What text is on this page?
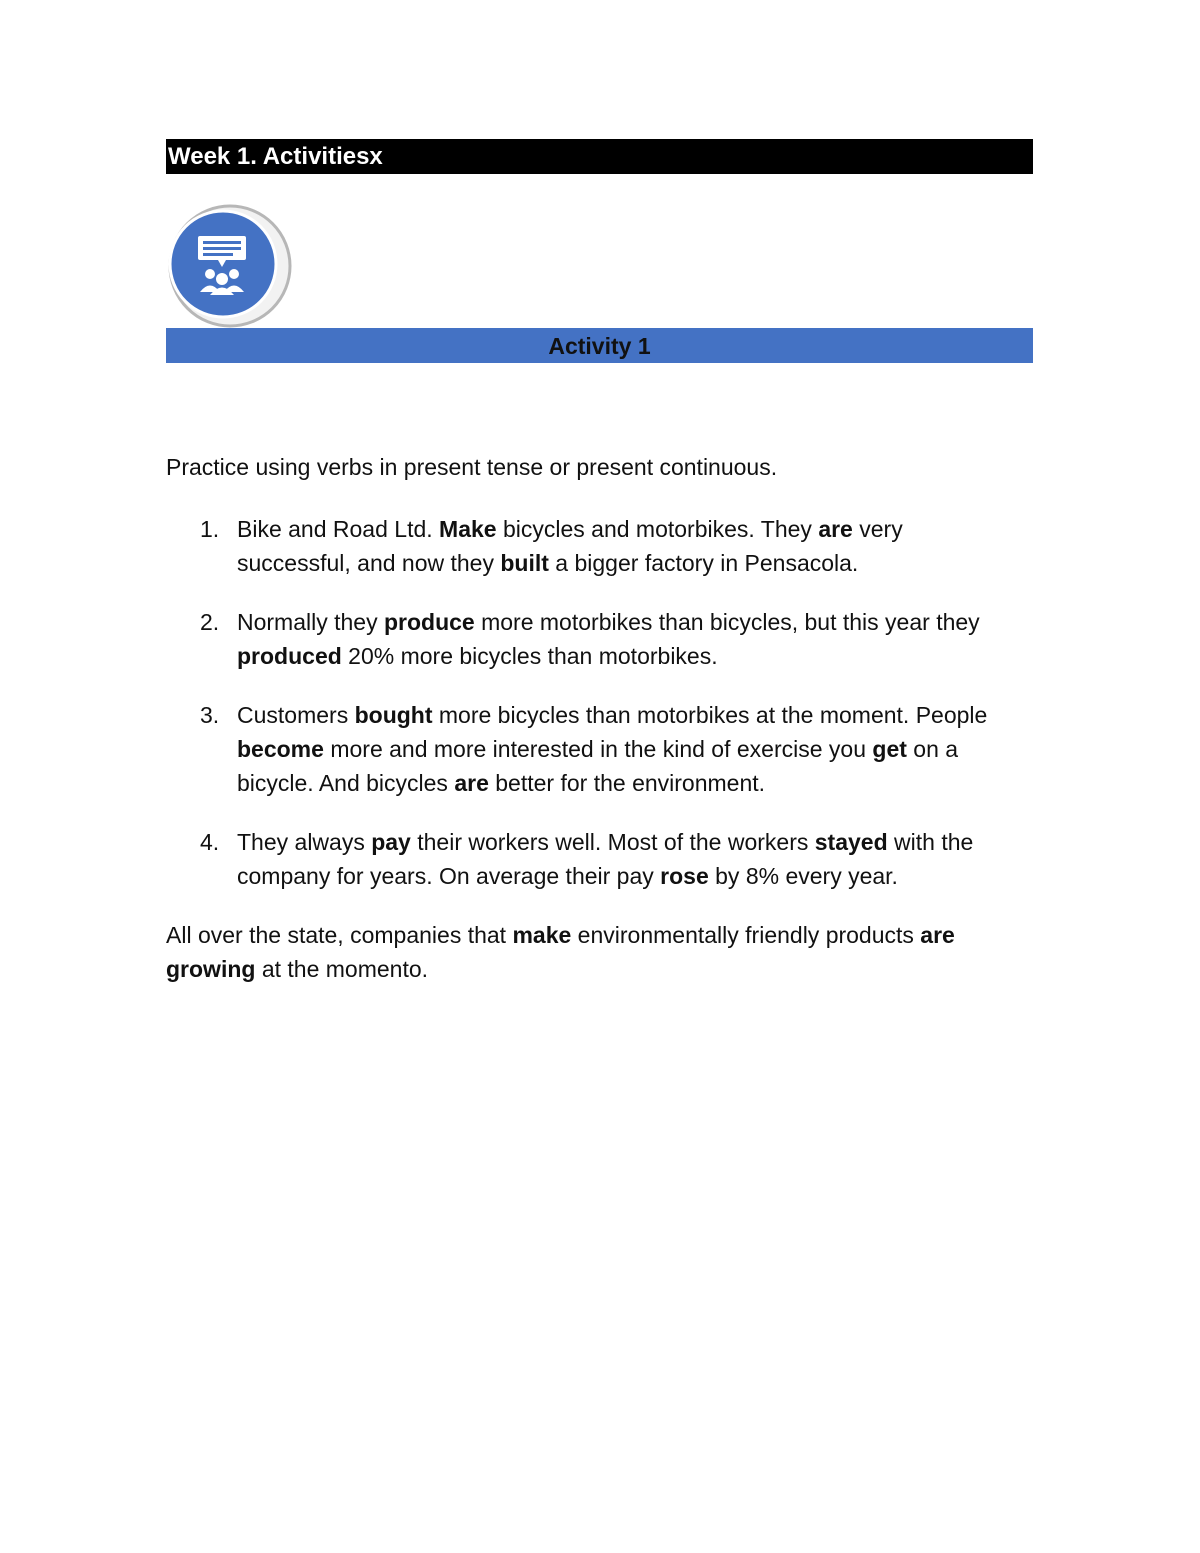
Week 1. Activitiesx
Activity 1

Practice using verbs in present tense or present continuous.

1. Bike and Road Ltd. Make bicycles and motorbikes. They are very successful, and now they built a bigger factory in Pensacola.
2. Normally they produce more motorbikes than bicycles, but this year they produced 20% more bicycles than motorbikes.
3. Customers bought more bicycles than motorbikes at the moment. People become more and more interested in the kind of exercise you get on a bicycle. And bicycles are better for the environment.
4. They always pay their workers well. Most of the workers stayed with the company for years. On average their pay rose by 8% every year.

All over the state, companies that make environmentally friendly products are growing at the momento.
